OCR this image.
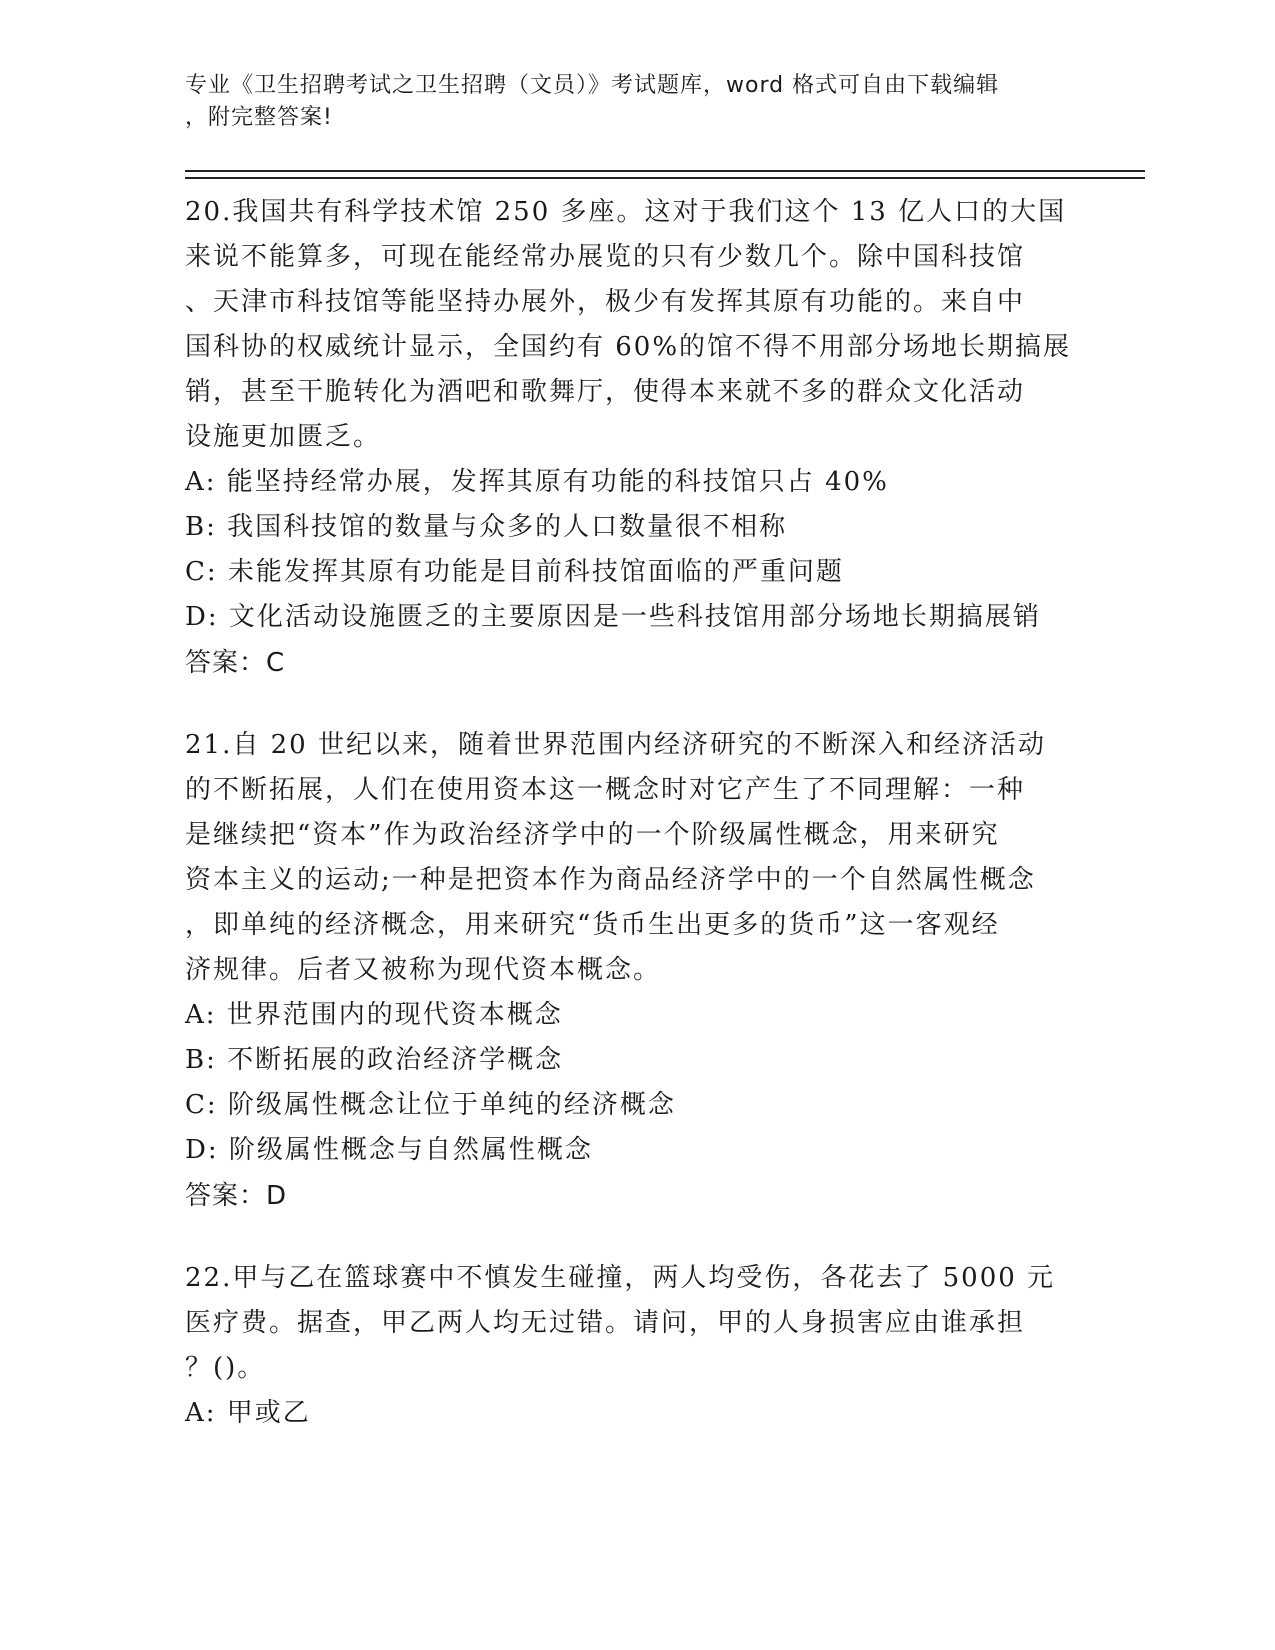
专业《卫生招聘考试之卫生招聘（文员）》考试题库，word 格式可自由下载编辑
，附完整答案!
20.我国共有科学技术馆 250 多座。这对于我们这个 13 亿人口的大国
来说不能算多，可现在能经常办展览的只有少数几个。除中国科技馆
、天津市科技馆等能坚持办展外，极少有发挥其原有功能的。来自中
国科协的权威统计显示，全国约有 60%的馆不得不用部分场地长期搞展
销，甚至干脆转化为酒吧和歌舞厅，使得本来就不多的群众文化活动
设施更加匮乏。
A: 能坚持经常办展，发挥其原有功能的科技馆只占 40%
B: 我国科技馆的数量与众多的人口数量很不相称
C: 未能发挥其原有功能是目前科技馆面临的严重问题
D: 文化活动设施匮乏的主要原因是一些科技馆用部分场地长期搞展销
答案：C
21.自 20 世纪以来，随着世界范围内经济研究的不断深入和经济活动
的不断拓展，人们在使用资本这一概念时对它产生了不同理解：一种
是继续把“资本”作为政治经济学中的一个阶级属性概念，用来研究
资本主义的运动;一种是把资本作为商品经济学中的一个自然属性概念
，即单纯的经济概念，用来研究“货币生出更多的货币”这一客观经
济规律。后者又被称为现代资本概念。
A: 世界范围内的现代资本概念
B: 不断拓展的政治经济学概念
C: 阶级属性概念让位于单纯的经济概念
D: 阶级属性概念与自然属性概念
答案：D
22.甲与乙在篮球赛中不慎发生碰撞，两人均受伤，各花去了 5000 元
医疗费。据查，甲乙两人均无过错。请问，甲的人身损害应由谁承担
？()。
A: 甲或乙
